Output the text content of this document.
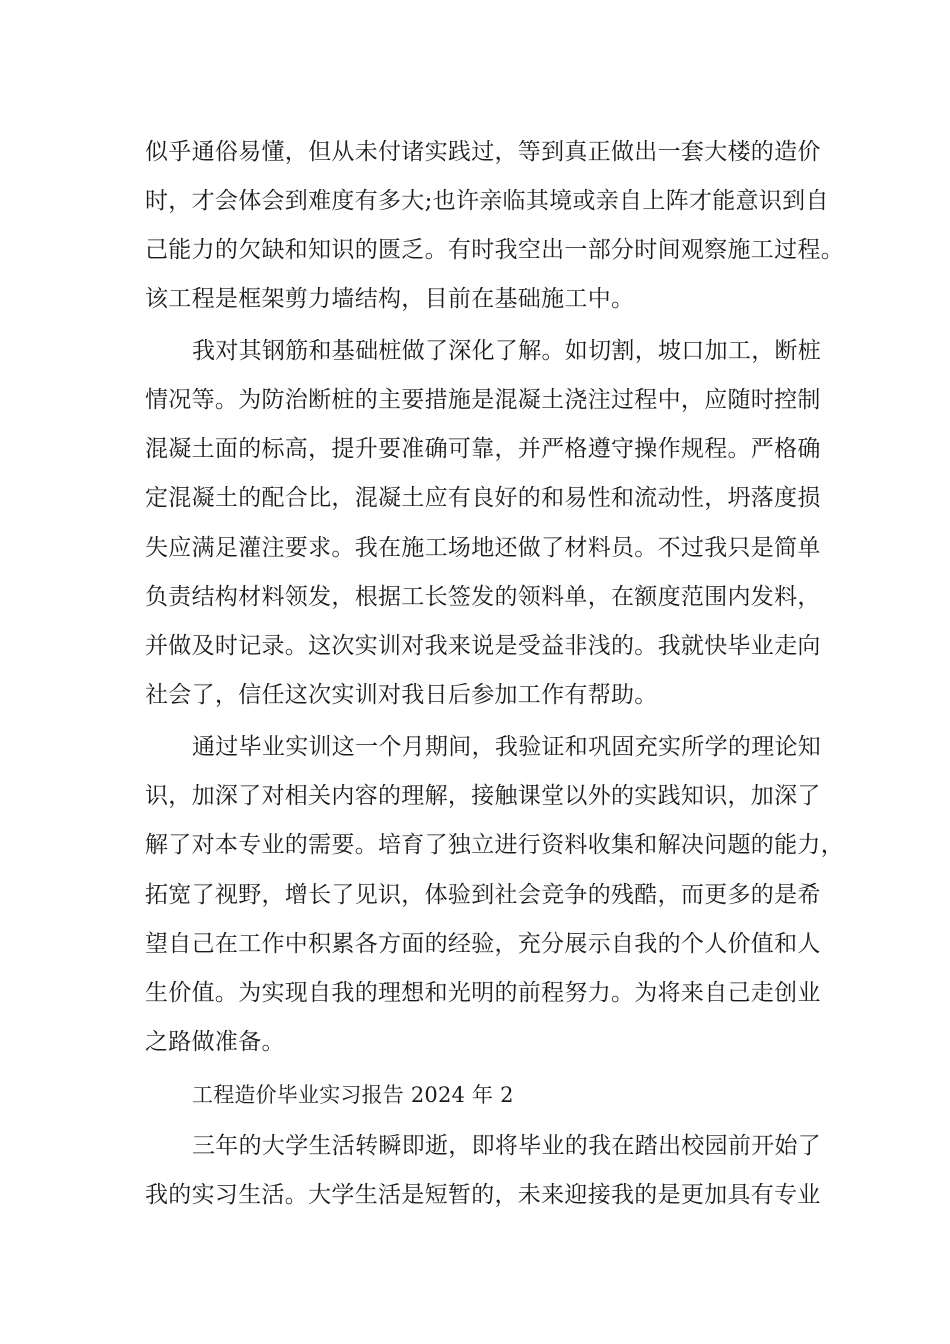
似乎通俗易懂，但从未付诸实践过，等到真正做出一套大楼的造价
时，才会体会到难度有多大;也许亲临其境或亲自上阵才能意识到自
己能力的欠缺和知识的匮乏。有时我空出一部分时间观察施工过程。
该工程是框架剪力墙结构，目前在基础施工中。
我对其钢筋和基础桩做了深化了解。如切割，坡口加工，断桩
情况等。为防治断桩的主要措施是混凝土浇注过程中，应随时控制
混凝土面的标高，提升要准确可靠，并严格遵守操作规程。严格确
定混凝土的配合比，混凝土应有良好的和易性和流动性，坍落度损
失应满足灌注要求。我在施工场地还做了材料员。不过我只是简单
负责结构材料领发，根据工长签发的领料单，在额度范围内发料，
并做及时记录。这次实训对我来说是受益非浅的。我就快毕业走向
社会了，信任这次实训对我日后参加工作有帮助。
通过毕业实训这一个月期间，我验证和巩固充实所学的理论知
识，加深了对相关内容的理解，接触课堂以外的实践知识，加深了
解了对本专业的需要。培育了独立进行资料收集和解决问题的能力，
拓宽了视野，增长了见识，体验到社会竞争的残酷，而更多的是希
望自己在工作中积累各方面的经验，充分展示自我的个人价值和人
生价值。为实现自我的理想和光明的前程努力。为将来自己走创业
之路做准备。
工程造价毕业实习报告 2024 年 2
三年的大学生活转瞬即逝，即将毕业的我在踏出校园前开始了
我的实习生活。大学生活是短暂的，未来迎接我的是更加具有专业
